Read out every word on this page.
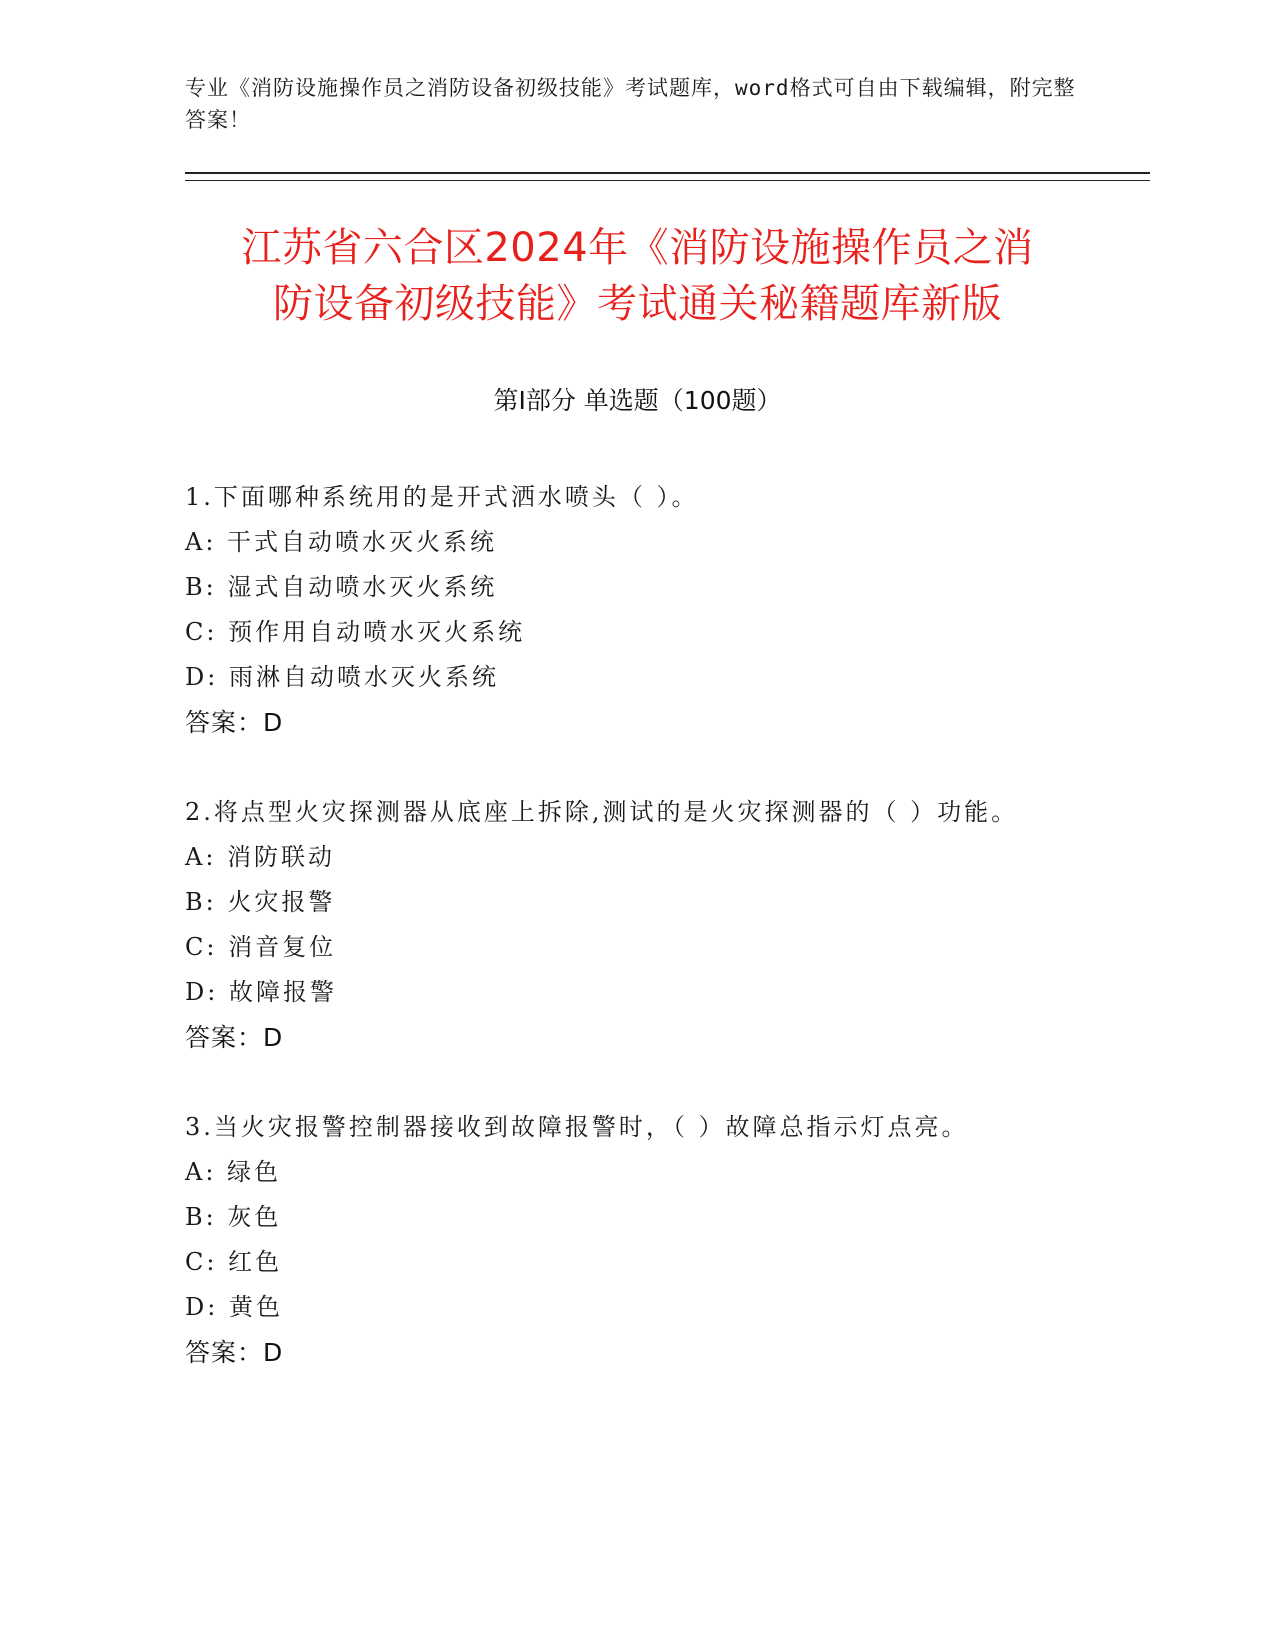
专业《消防设施操作员之消防设备初级技能》考试题库，word格式可自由下载编辑，附完整答案！
江苏省六合区2024年《消防设施操作员之消
防设备初级技能》考试通关秘籍题库新版
第Ⅰ部分 单选题（100题）

1.下面哪种系统用的是开式洒水喷头（ ）。

A: 干式自动喷水灭火系统

B: 湿式自动喷水灭火系统

C: 预作用自动喷水灭火系统

D: 雨淋自动喷水灭火系统

答案：D

2.将点型火灾探测器从底座上拆除,测试的是火灾探测器的（ ）功能。

A: 消防联动

B: 火灾报警

C: 消音复位

D: 故障报警

答案：D

3.当火灾报警控制器接收到故障报警时，（ ）故障总指示灯点亮。

A: 绿色

B: 灰色

C: 红色

D: 黄色

答案：D
